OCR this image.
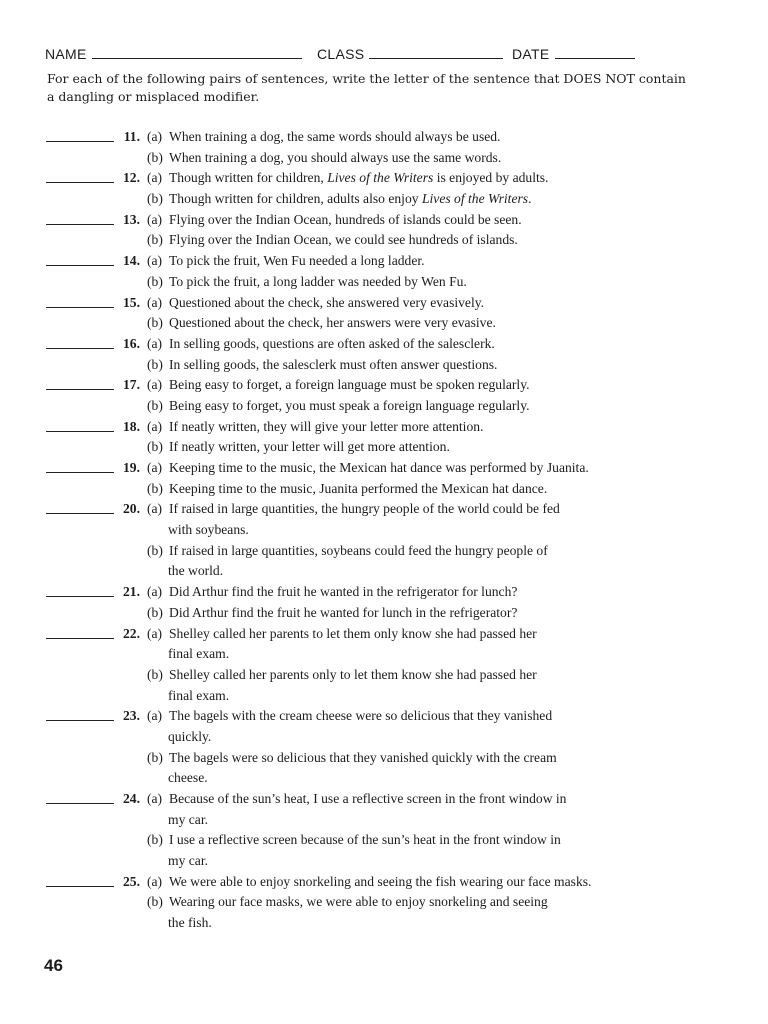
NAME	CLASS	DATE
For each of the following pairs of sentences, write the letter of the sentence that DOES NOT contain a dangling or misplaced modifier.
11. (a) When training a dog, the same words should always be used.
(b) When training a dog, you should always use the same words.
12. (a) Though written for children, Lives of the Writers is enjoyed by adults.
(b) Though written for children, adults also enjoy Lives of the Writers.
13. (a) Flying over the Indian Ocean, hundreds of islands could be seen.
(b) Flying over the Indian Ocean, we could see hundreds of islands.
14. (a) To pick the fruit, Wen Fu needed a long ladder.
(b) To pick the fruit, a long ladder was needed by Wen Fu.
15. (a) Questioned about the check, she answered very evasively.
(b) Questioned about the check, her answers were very evasive.
16. (a) In selling goods, questions are often asked of the salesclerk.
(b) In selling goods, the salesclerk must often answer questions.
17. (a) Being easy to forget, a foreign language must be spoken regularly.
(b) Being easy to forget, you must speak a foreign language regularly.
18. (a) If neatly written, they will give your letter more attention.
(b) If neatly written, your letter will get more attention.
19. (a) Keeping time to the music, the Mexican hat dance was performed by Juanita.
(b) Keeping time to the music, Juanita performed the Mexican hat dance.
20. (a) If raised in large quantities, the hungry people of the world could be fed
with soybeans.
(b) If raised in large quantities, soybeans could feed the hungry people of
the world.
21. (a) Did Arthur find the fruit he wanted in the refrigerator for lunch?
(b) Did Arthur find the fruit he wanted for lunch in the refrigerator?
22. (a) Shelley called her parents to let them only know she had passed her
final exam.
(b) Shelley called her parents only to let them know she had passed her
final exam.
23. (a) The bagels with the cream cheese were so delicious that they vanished
quickly.
(b) The bagels were so delicious that they vanished quickly with the cream
cheese.
24. (a) Because of the sun’s heat, I use a reflective screen in the front window in
my car.
(b) I use a reflective screen because of the sun’s heat in the front window in
my car.
25. (a) We were able to enjoy snorkeling and seeing the fish wearing our face masks.
(b) Wearing our face masks, we were able to enjoy snorkeling and seeing
the fish.
46
